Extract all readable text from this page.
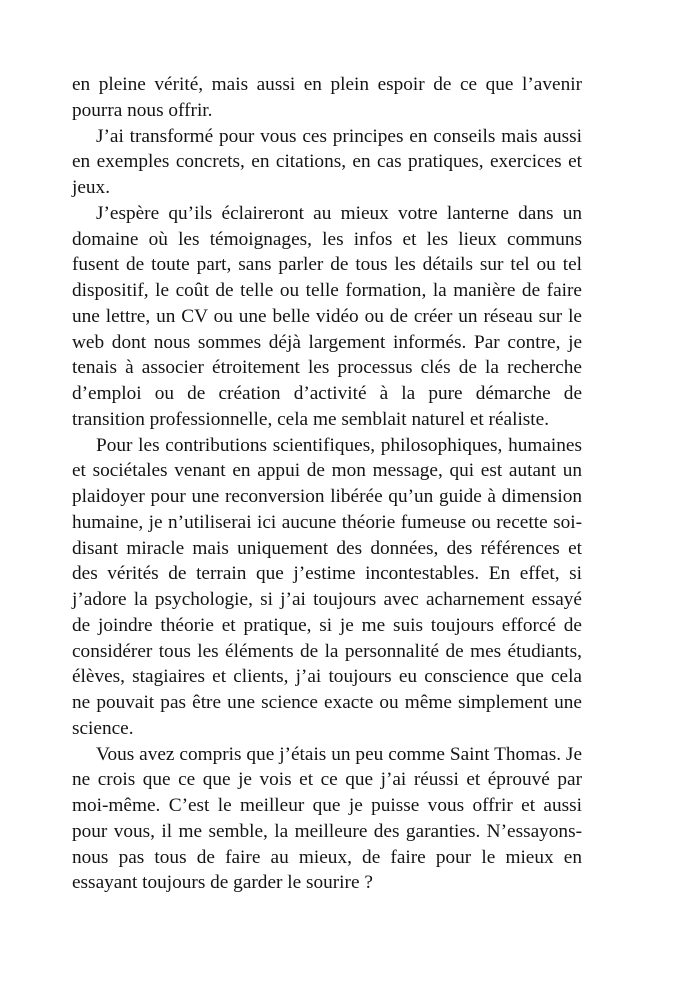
en pleine vérité, mais aussi en plein espoir de ce que l’avenir pourra nous offrir.

J’ai transformé pour vous ces principes en conseils mais aussi en exemples concrets, en citations, en cas pratiques, exercices et jeux.

J’espère qu’ils éclaireront au mieux votre lanterne dans un domaine où les témoignages, les infos et les lieux communs fusent de toute part, sans parler de tous les détails sur tel ou tel dispositif, le coût de telle ou telle formation, la manière de faire une lettre, un CV ou une belle vidéo ou de créer un réseau sur le web dont nous sommes déjà largement informés. Par contre, je tenais à associer étroitement les processus clés de la recherche d’emploi ou de création d’activité à la pure démarche de transition professionnelle, cela me semblait naturel et réaliste.

Pour les contributions scientifiques, philosophiques, humaines et sociétales venant en appui de mon message, qui est autant un plaidoyer pour une reconversion libérée qu’un guide à dimension humaine, je n’utiliserai ici aucune théorie fumeuse ou recette soi-disant miracle mais uniquement des données, des références et des vérités de terrain que j’estime incontestables. En effet, si j’adore la psychologie, si j’ai toujours avec acharnement essayé de joindre théorie et pratique, si je me suis toujours efforcé de considérer tous les éléments de la personnalité de mes étudiants, élèves, stagiaires et clients, j’ai toujours eu conscience que cela ne pouvait pas être une science exacte ou même simplement une science.

Vous avez compris que j’étais un peu comme Saint Thomas. Je ne crois que ce que je vois et ce que j’ai réussi et éprouvé par moi-même. C’est le meilleur que je puisse vous offrir et aussi pour vous, il me semble, la meilleure des garanties. N’essayons-nous pas tous de faire au mieux, de faire pour le mieux en essayant toujours de garder le sourire ?
